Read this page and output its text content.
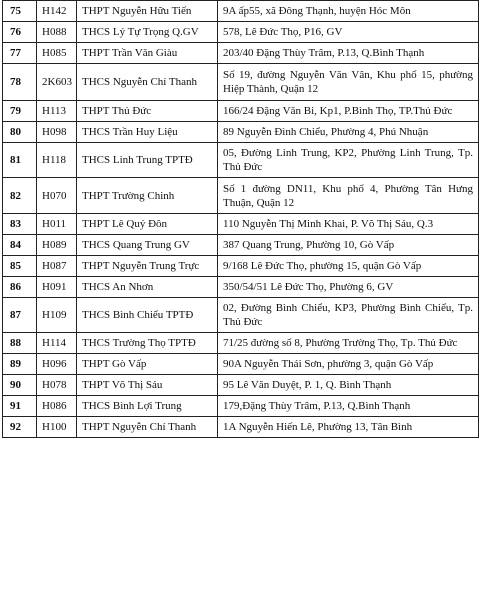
75	H142	THPT Nguyễn Hữu Tiến	9A ấp55, xã Đông Thạnh, huyện Hóc Môn
76	H088	THCS Lý Tự Trọng Q.GV	578, Lê Đức Thọ, P16, GV
77	H085	THPT Trần Văn Giàu	203/40 Đặng Thùy Trâm, P.13, Q.Bình Thạnh
78	2K603	THCS Nguyễn Chí Thanh	Số 19, đường Nguyễn Văn Vân, Khu phố 15, phường Hiệp Thành, Quận 12
79	H113	THPT Thủ Đức	166/24 Đặng Văn Bi, Kp1, P.Bình Thọ, TP.Thủ Đức
80	H098	THCS Trần Huy Liệu	89 Nguyễn Đình Chiểu, Phường 4, Phú Nhuận
81	H118	THCS Linh Trung TPTĐ	05, Đường Linh Trung, KP2, Phường Linh Trung, Tp. Thủ Đức
82	H070	THPT Trường Chinh	Số 1 đường DN11, Khu phố 4, Phường Tân Hưng Thuận, Quận 12
83	H011	THPT Lê Quý Đôn	110 Nguyễn Thị Minh Khai, P. Võ Thị Sáu, Q.3
84	H089	THCS Quang Trung GV	387 Quang Trung, Phường 10, Gò Vấp
85	H087	THPT Nguyễn Trung Trực	9/168 Lê Đức Thọ, phường 15, quận Gò Vấp
86	H091	THCS An Nhơn	350/54/51 Lê Đức Thọ, Phường 6, GV
87	H109	THCS Bình Chiểu TPTĐ	02, Đường Bình Chiểu, KP3, Phường Bình Chiểu, Tp. Thủ Đức
88	H114	THCS Trường Thọ TPTĐ	71/25 đường số 8, Phường Trường Thọ, Tp. Thủ Đức
89	H096	THPT Gò Vấp	90A Nguyễn Thái Sơn, phường 3, quận Gò Vấp
90	H078	THPT Võ Thị Sáu	95 Lê Văn Duyệt, P. 1, Q. Bình Thạnh
91	H086	THCS Bình Lợi Trung	179,Đặng Thùy Trâm, P.13, Q.Bình Thạnh
92	H100	THPT Nguyễn Chí Thanh	1A Nguyễn Hiến Lê, Phường 13, Tân Bình
